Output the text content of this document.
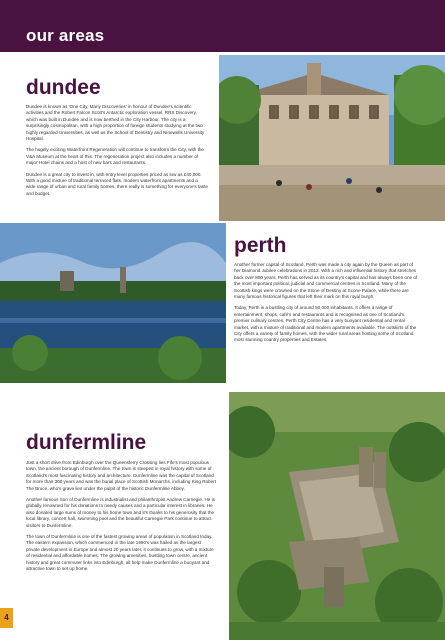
our areas
dundee

Dundee is known as 'One City, Many Discoveries' in honour of Dundee's scientific activities and the Robert Falcon Scott's Antarctic exploration vessel, RRS Discovery, which was built in Dundee and is now berthed in the City Harbour. The city is a surprisingly cosmopolitan, with a high proportion of foreign students studying at the two highly regarded Universities, as well as the School of Dentistry and Ninewells University Hospital.

The hugely exciting Waterfront Regeneration will continue to transform the City, with the V&A Museum at the heart of this. The regeneration project also includes a number of major Hotel chains and a host of new bars and restaurants.

Dundee is a great city to invest in, with entry level properties priced as low as £40,000. With a good mixture of traditional terraced flats, modern waterfront apartments and a wide range of urban and rural family homes, there really is something for everyone's taste and budget.

perth

Another former capital of Scotland, Perth was made a city again by the Queen as part of her Diamond Jubilee celebrations in 2012. With a rich and influential history that stretches back over 800 years, Perth has served as its country's capital and has always been one of the most important political, judicial and commercial centres in Scotland. Many of the Scottish kings were crowned on the Stone of Destiny at Scone Palace, while there are many famous historical figures that left their mark on this royal burgh.

Today, Perth is a bustling city of around 50,000 inhabitants. It offers a range of entertainment, shops, café's and restaurants and is recognised as one of Scotland's premier culinary centres. Perth City Centre has a very buoyant residential and rental market, with a mixture of traditional and modern apartments available. The outskirts of the City offers a variety of family homes, with the wider rural areas hosting some of Scotland most stunning country properties and Estates.

dunfermline

Just a short drive from Edinburgh over the Queensferry Crossing lies Fife's most populous town, the ancient borough of Dunfermline. The town is steeped in royal history with some of Scotland's most fascinating history and architecture. Dunfermline was the capital of Scotland for more than 300 years and was the burial place of Scottish Monarchs, including King Robert The Bruce, who's grave lies under the pulpit of the historic Dunfermline Abbey.

Another famous Son of Dunfermline is industrialist and philanthropist Andrew Carnegie. He is globally renowned for his donations to needy causes and a particular interest in libraries. He also donated large sums of money to his home town and it's thanks to his generosity that the local library, concert hall, swimming pool and the beautiful Carnegie Park continue to attract visitors to Dunfermline.

The town of Dunfermline is one of the fastest growing areas of population in Scotland today. The eastern expansion, which commenced in the late 1990's was hailed as the largest private development in Europe and almost 20 years later, it continues to grow, with a mixture of residential and affordable homes. The growing amenities, bustling town centre, ancient history and great commuter links into Edinburgh, all help make Dunfermline a buoyant and attractive town to set up home.

4
